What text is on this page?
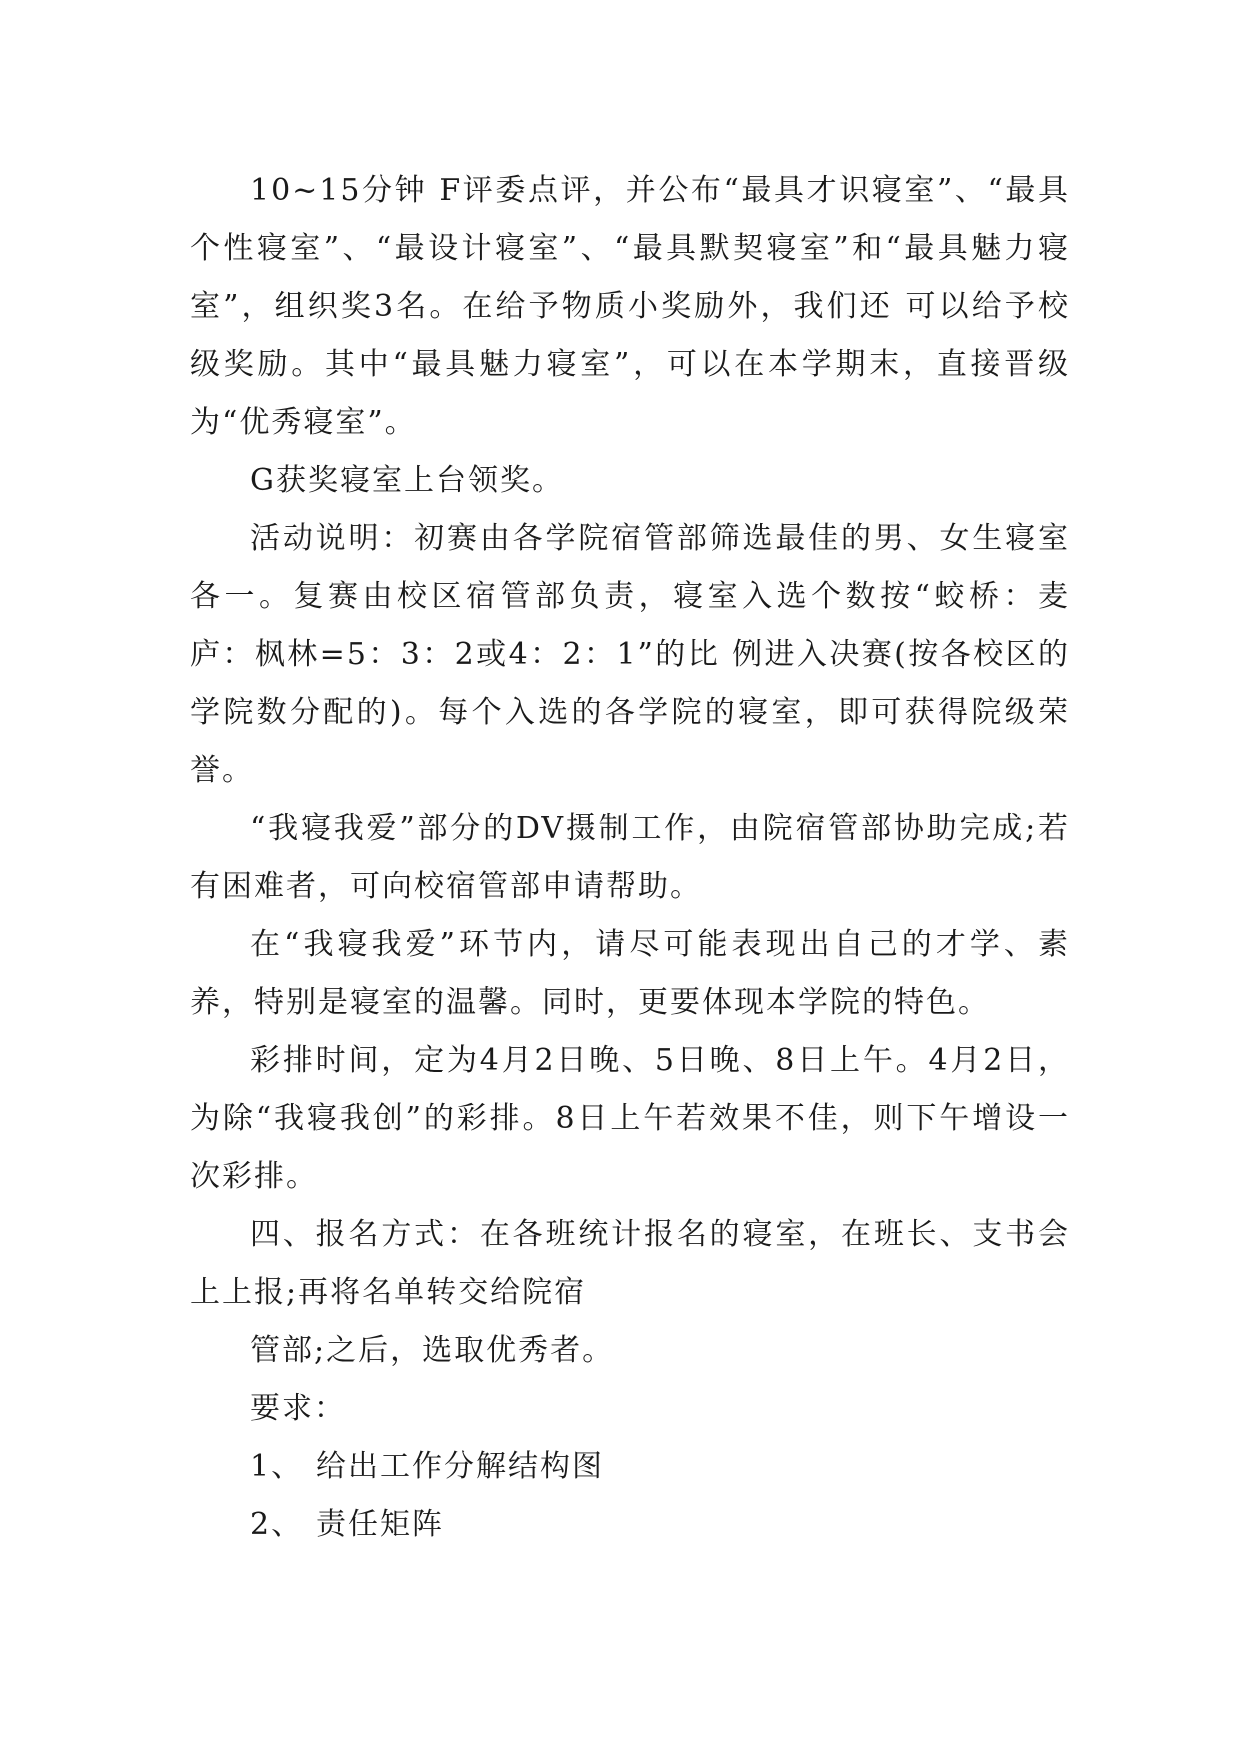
10~15分钟 F评委点评，并公布“最具才识寝室”、“最具个性寝室”、“最设计寝室”、“最具默契寝室”和“最具魅力寝室”，组织奖3名。在给予物质小奖励外，我们还 可以给予校级奖励。其中“最具魅力寝室”，可以在本学期末，直接晋级为“优秀寝室”。

G获奖寝室上台领奖。

活动说明：初赛由各学院宿管部筛选最佳的男、女生寝室各一。复赛由校区宿管部负责，寝室入选个数按“蛟桥：麦庐：枫林=5：3：2或4：2：1”的比 例进入决赛(按各校区的学院数分配的)。每个入选的各学院的寝室，即可获得院级荣誉。

“我寝我爱”部分的DV摄制工作，由院宿管部协助完成;若有困难者，可向校宿管部申请帮助。

在“我寝我爱”环节内，请尽可能表现出自己的才学、素养，特别是寝室的温馨。同时，更要体现本学院的特色。

彩排时间，定为4月2日晚、5日晚、8日上午。4月2日，为除“我寝我创”的彩排。8日上午若效果不佳，则下午增设一次彩排。

四、报名方式：在各班统计报名的寝室，在班长、支书会上上报;再将名单转交给院宿

管部;之后，选取优秀者。

要求：

1、 给出工作分解结构图

2、 责任矩阵
